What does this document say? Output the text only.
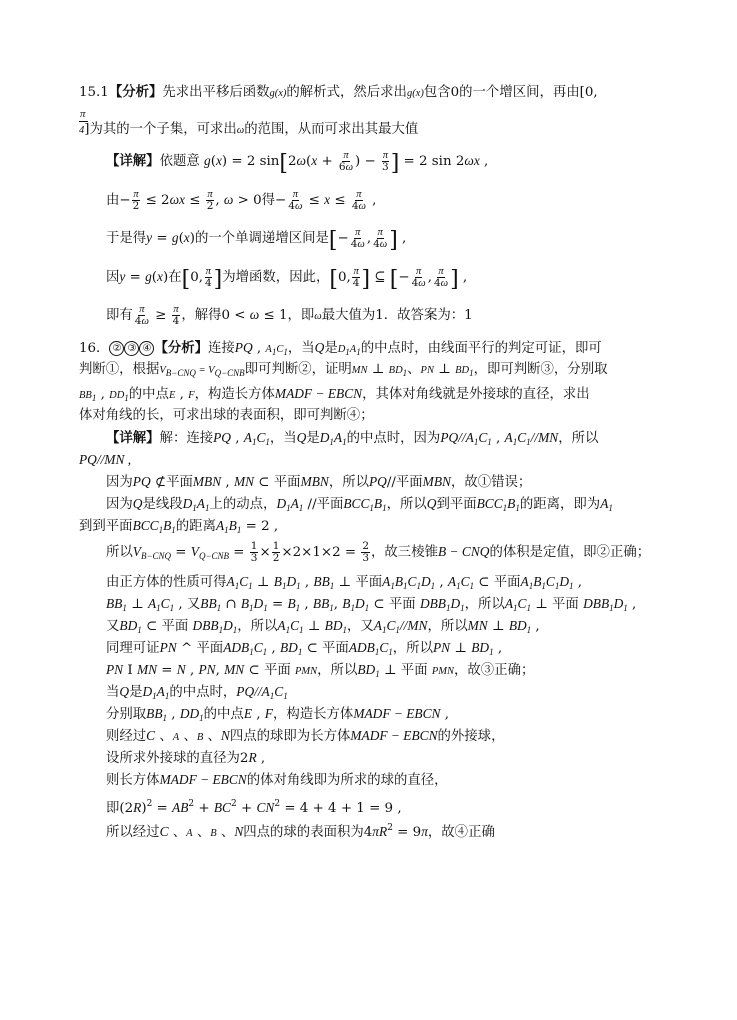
15.1【分析】先求出平移后函数g(x)的解析式，然后求出g(x)包含0的一个增区间，再由[0,
π
4]为其的一个子集，可求出ω的范围，从而可求出其最大值
【详解】依题意 g(x) = 2 $\sin[2\omega(x + \frac{\pi}{6\omega}$ ) − $\frac{\pi}{3}$ ] = 2 sin 2ωx ,
由− $\frac{\pi}{2} \le 2\omega x \le \frac{\pi}{2}$ , ω > 0得− $\frac{\pi}{4\omega} \le x \le \frac{\pi}{4\omega}$ ,
于是得y = g(x)的一个单调递增区间是[− $\frac{\pi}{4\omega}$ , $\frac{\pi}{4\omega}$ ] ,
因y = g(x)在[0, $\frac{\pi}{4}$ ]为增函数，因此，[0, $\frac{\pi}{4}$ ] ⊆ [− $\frac{\pi}{4\omega}$ , $\frac{\pi}{4\omega}$ ] ,
即有 $\frac{\pi}{4\omega} \ge \frac{\pi}{4}$ ，解得0 < ω ≤ 1，即ω最大值为1．故答案为：1
16． ② ③ ④ 【分析】连接PQ , A1C1，当Q是D1A1的中点时，由线面平行的判定可证，即可
判断①，根据VB−CNQ = VQ−CNB即可判断②，证明MN ⊥ BD1、PN ⊥ BD1，即可判断③，分别取
BB1 , DD1的中点E , F，构造长方体MADF − EBCN，其体对角线就是外接球的直径，求出
体对角线的长，可求出球的表面积，即可判断④；
【详解】解：连接PQ , $A_1C_1$，当Q是$D_1A_1$的中点时，因为$PQ//A_1C_1$ , $A_1C_1//MN$，所以
PQ//MN ,
因为PQ ⊄平面MBN , MN ⊂ 平面MBN，所以PQ//平面MBN，故①错误；
因为Q是线段$D_1A_1$上的动点，$D_1A_1$ //平面$BCC_1B_1$，所以Q到平面$BCC_1B_1$的距离，即为$A_1$
到到平面$BCC_1B_1$的距离$A_1B_1 = 2$ ,
所以$V_{B-CNQ} = V_{Q-CNB} = \frac{1}{3} \times \frac{1}{2} \times 2\times 1\times 2 = \frac{2}{3}$ ，故三棱锥B − CNQ的体积是定值，即②正确；
由正方体的性质可得$A_1C_1$ ⊥ $B_1D_1$ , $BB_1$ ⊥ 平面$A_1B_1C_1D_1$ , $A_1C_1$ ⊂ 平面$A_1B_1C_1D_1$ ,
$BB_1$ ⊥ $A_1C_1$ , 又$BB_1$ ∩ $B_1D_1 = B_1$ , $BB_1$, $B_1D_1$ ⊂ 平面 $DBB_1D_1$，所以$A_1C_1$ ⊥ 平面 $DBB_1D_1$ ,
又$BD_1$ ⊂ 平面 $DBB_1D_1$，所以$A_1C_1$ ⊥ $BD_1$，又$A_1C_1//MN$，所以MN ⊥ $BD_1$ ,
同理可证PN ^ 平面$ADB_1C_1$ , $BD_1$ ⊂ 平面$ADB_1C_1$，所以PN ⊥ $BD_1$ ,
PN I MN = N , PN, MN ⊂ 平面 PMN，所以$BD_1$ ⊥ 平面 PMN，故③正确；
当Q是$D_1A_1$的中点时，$PQ//A_1C_1$
分别取$BB_1$ , $DD_1$的中点E , F，构造长方体MADF − EBCN ,
则经过C 、A 、B 、N四点的球即为长方体MADF − EBCN的外接球，
设所求外接球的直径为2R ,
则长方体MADF − EBCN的体对角线即为所求的球的直径，
即$(2R)^2 = AB^2 + BC^2 + CN^2 = 4 + 4 + 1 = 9$ ,
所以经过C 、A 、B 、N四点的球的表面积为$4\pi R^2 = 9\pi$，故④正确
